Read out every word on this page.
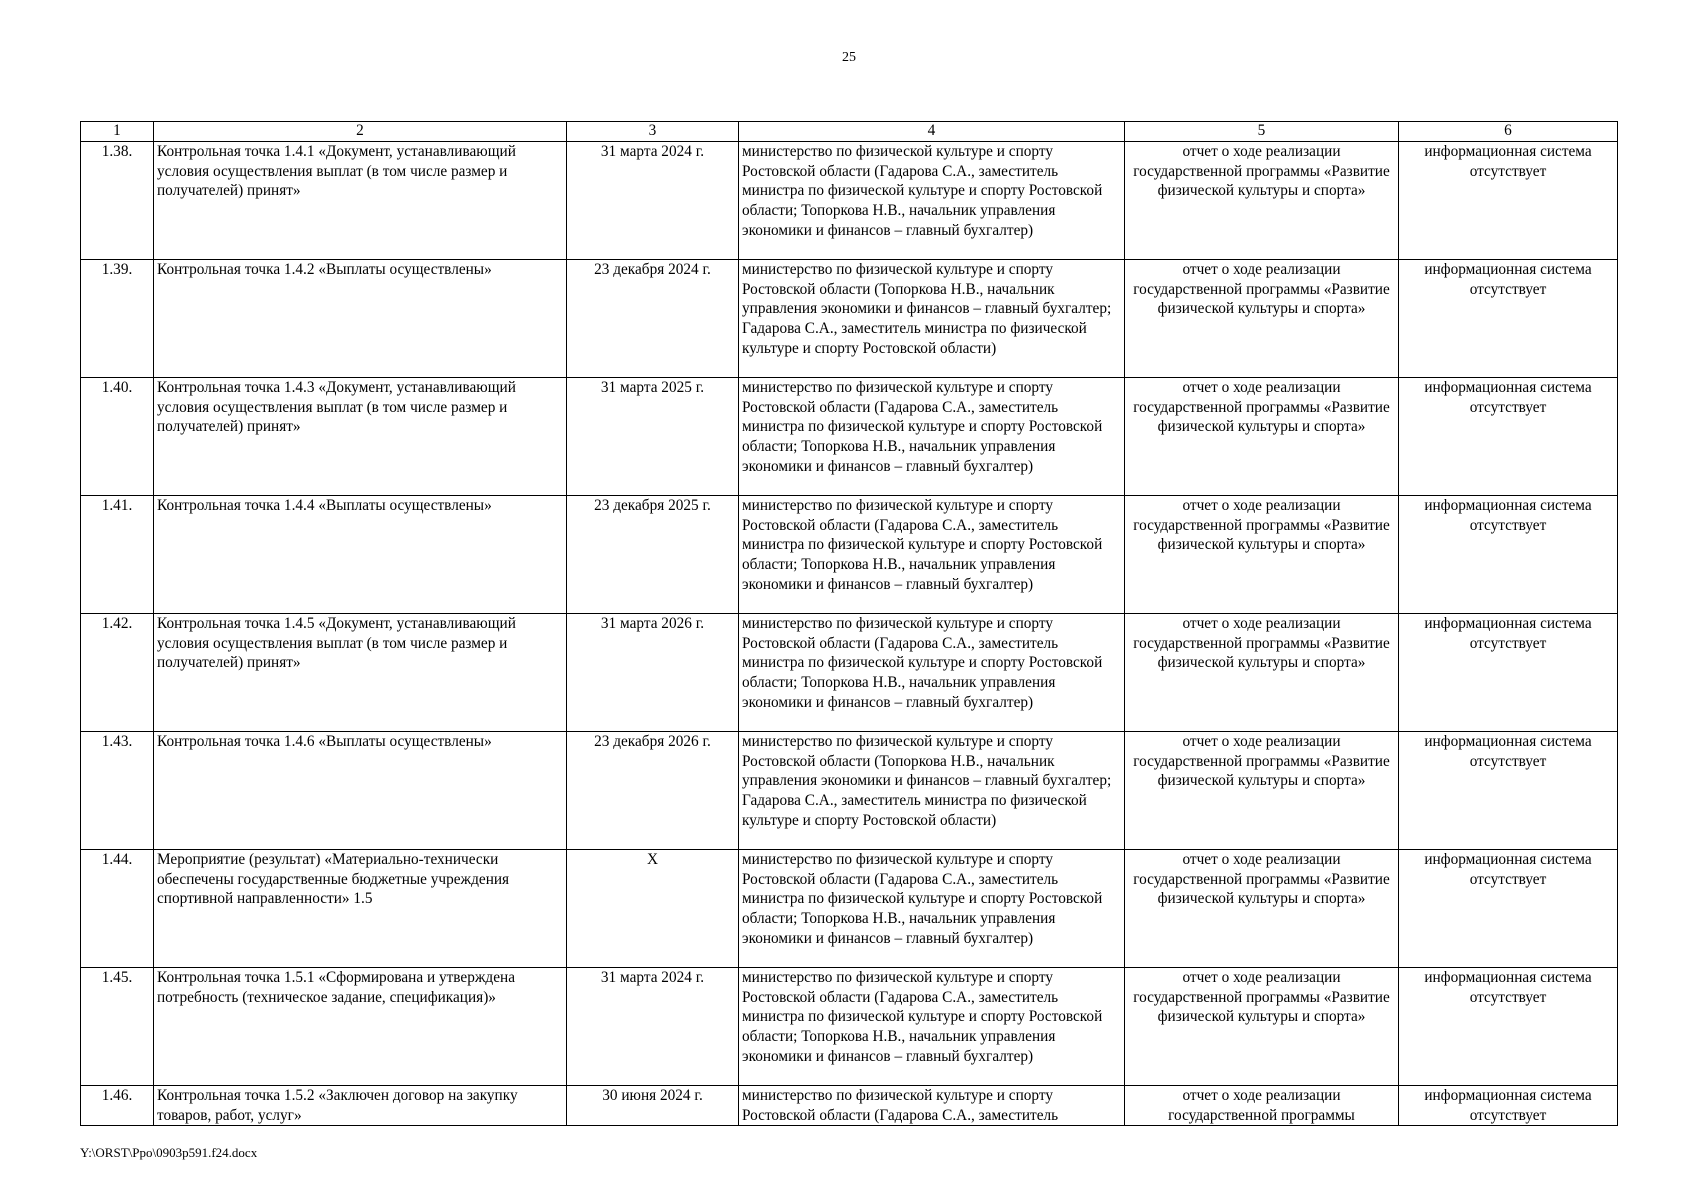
25
1	2	3	4	5	6
1.38.	Контрольная точка 1.4.1 «Документ, устанавливающий условия осуществления выплат (в том числе размер и получателей) принят»	31 марта 2024 г.	министерство по физической культуре и спорту Ростовской области (Гадарова С.А., заместитель министра по физической культуре и спорту Ростовской области; Топоркова Н.В., начальник управления экономики и финансов – главный бухгалтер)	отчет о ходе реализации государственной программы «Развитие физической культуры и спорта»	информационная система отсутствует
1.39.	Контрольная точка 1.4.2 «Выплаты осуществлены»	23 декабря 2024 г.	министерство по физической культуре и спорту Ростовской области (Топоркова Н.В., начальник управления экономики и финансов – главный бухгалтер; Гадарова С.А., заместитель министра по физической культуре и спорту Ростовской области)	отчет о ходе реализации государственной программы «Развитие физической культуры и спорта»	информационная система отсутствует
1.40.	Контрольная точка 1.4.3 «Документ, устанавливающий условия осуществления выплат (в том числе размер и получателей) принят»	31 марта 2025 г.	министерство по физической культуре и спорту Ростовской области (Гадарова С.А., заместитель министра по физической культуре и спорту Ростовской области; Топоркова Н.В., начальник управления экономики и финансов – главный бухгалтер)	отчет о ходе реализации государственной программы «Развитие физической культуры и спорта»	информационная система отсутствует
1.41.	Контрольная точка 1.4.4 «Выплаты осуществлены»	23 декабря 2025 г.	министерство по физической культуре и спорту Ростовской области (Гадарова С.А., заместитель министра по физической культуре и спорту Ростовской области; Топоркова Н.В., начальник управления экономики и финансов – главный бухгалтер)	отчет о ходе реализации государственной программы «Развитие физической культуры и спорта»	информационная система отсутствует
1.42.	Контрольная точка 1.4.5 «Документ, устанавливающий условия осуществления выплат (в том числе размер и получателей) принят»	31 марта 2026 г.	министерство по физической культуре и спорту Ростовской области (Гадарова С.А., заместитель министра по физической культуре и спорту Ростовской области; Топоркова Н.В., начальник управления экономики и финансов – главный бухгалтер)	отчет о ходе реализации государственной программы «Развитие физической культуры и спорта»	информационная система отсутствует
1.43.	Контрольная точка 1.4.6 «Выплаты осуществлены»	23 декабря 2026 г.	министерство по физической культуре и спорту Ростовской области (Топоркова Н.В., начальник управления экономики и финансов – главный бухгалтер; Гадарова С.А., заместитель министра по физической культуре и спорту Ростовской области)	отчет о ходе реализации государственной программы «Развитие физической культуры и спорта»	информационная система отсутствует
1.44.	Мероприятие (результат) «Материально-технически обеспечены государственные бюджетные учреждения спортивной направленности» 1.5	X	министерство по физической культуре и спорту Ростовской области (Гадарова С.А., заместитель министра по физической культуре и спорту Ростовской области; Топоркова Н.В., начальник управления экономики и финансов – главный бухгалтер)	отчет о ходе реализации государственной программы «Развитие физической культуры и спорта»	информационная система отсутствует
1.45.	Контрольная точка 1.5.1 «Сформирована и утверждена потребность (техническое задание, спецификация)»	31 марта 2024 г.	министерство по физической культуре и спорту Ростовской области (Гадарова С.А., заместитель министра по физической культуре и спорту Ростовской области; Топоркова Н.В., начальник управления экономики и финансов – главный бухгалтер)	отчет о ходе реализации государственной программы «Развитие физической культуры и спорта»	информационная система отсутствует
1.46.	Контрольная точка 1.5.2 «Заключен договор на закупку товаров, работ, услуг»	30 июня 2024 г.	министерство по физической культуре и спорту Ростовской области (Гадарова С.А., заместитель	отчет о ходе реализации государственной программы	информационная система отсутствует
Y:\ORST\Ppo\0903p591.f24.docx
